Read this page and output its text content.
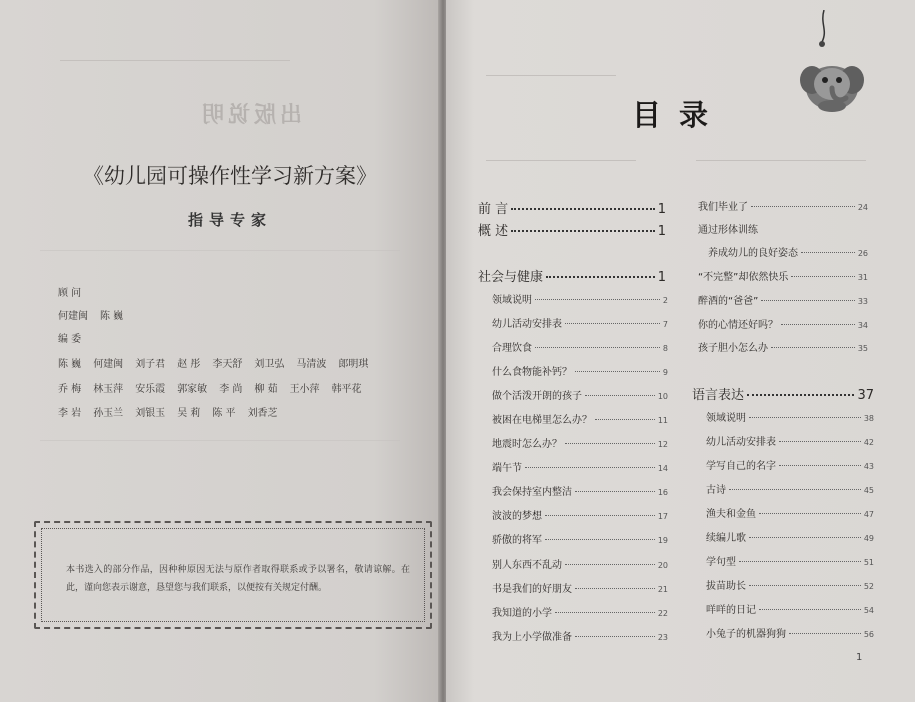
出版说明
《幼儿园可操作性学习新方案》
指导专家
顾 问
何建闽 陈 巍
编 委
陈 巍 何建闽 刘子君 赵 彤 李天舒 刘卫弘 马清波 郎明琪
乔 梅 林玉萍 安乐霞 郭家敏 李 尚 柳 茹 王小萍 韩平花
李 岩 孙玉兰 刘银玉 吴 莉 陈 平 刘香芝
本书选入的部分作品，因种种原因无法与原作者取得联系或予以署名，敬请谅解。在此，谨向您表示谢意，恳望您与我们联系，以便按有关规定付酬。
目录
前 言	1
概 述	1
社会与健康	1
领域说明	2
幼儿活动安排表	7
合理饮食	8
什么食物能补钙？	9
做个活泼开朗的孩子	10
被困在电梯里怎么办？	11
地震时怎么办？	12
端午节	14
我会保持室内整洁	16
波波的梦想	17
骄傲的将军	19
别人东西不乱动	20
书是我们的好朋友	21
我知道的小学	22
我为上小学做准备	23
我们毕业了	24
通过形体训练
养成幼儿的良好姿态	26
“不完整”却依然快乐	31
醉酒的“爸爸”	33
你的心情还好吗？	34
孩子胆小怎么办	35
语言表达	37
领域说明	38
幼儿活动安排表	42
学写自己的名字	43
古诗	45
渔夫和金鱼	47
续编儿歌	49
学句型	51
拔苗助长	52
咩咩的日记	54
小兔子的机器狗狗	56
1
